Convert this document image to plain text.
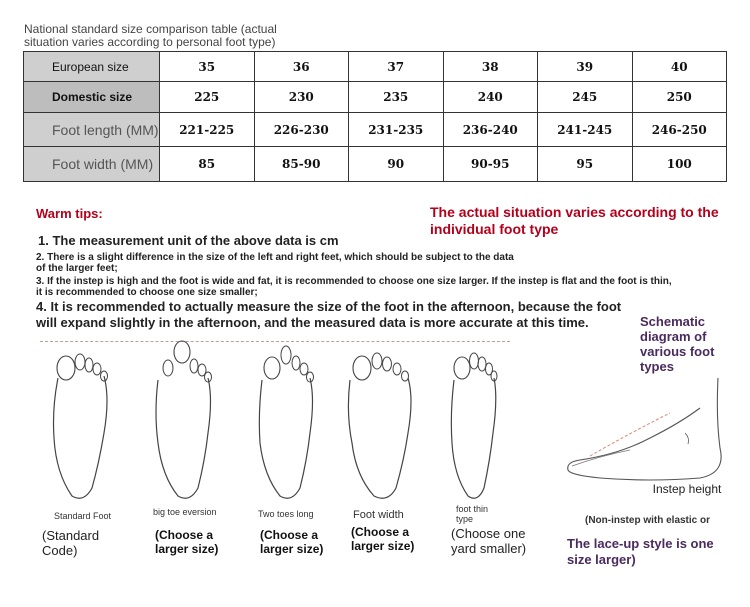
National standard size comparison table (actual situation varies according to personal foot type)
European size	35	36	37	38	39	40
Domestic size	225	230	235	240	245	250
Foot length (MM)	221-225	226-230	231-235	236-240	241-245	246-250
Foot width (MM)	85	85-90	90	90-95	95	100
Warm tips:	The actual situation varies according to the individual foot type
1. The measurement unit of the above data is cm
2. There is a slight difference in the size of the left and right feet, which should be subject to the data of the larger feet;
3. If the instep is high and the foot is wide and fat, it is recommended to choose one size larger. If the instep is flat and the foot is thin, it is recommended to choose one size smaller;
4. It is recommended to actually measure the size of the foot in the afternoon, because the foot will expand slightly in the afternoon, and the measured data is more accurate at this time.	Schematic diagram of various foot types
Standard Foot	big toe eversion	Two toes long	Foot width	foot thin type
(Standard Code)
(Choose a larger size)
(Choose a larger size)
(Choose a larger size)
(Choose one yard smaller)
Instep height
(Non-instep with elastic or
The lace-up style is one size larger)
